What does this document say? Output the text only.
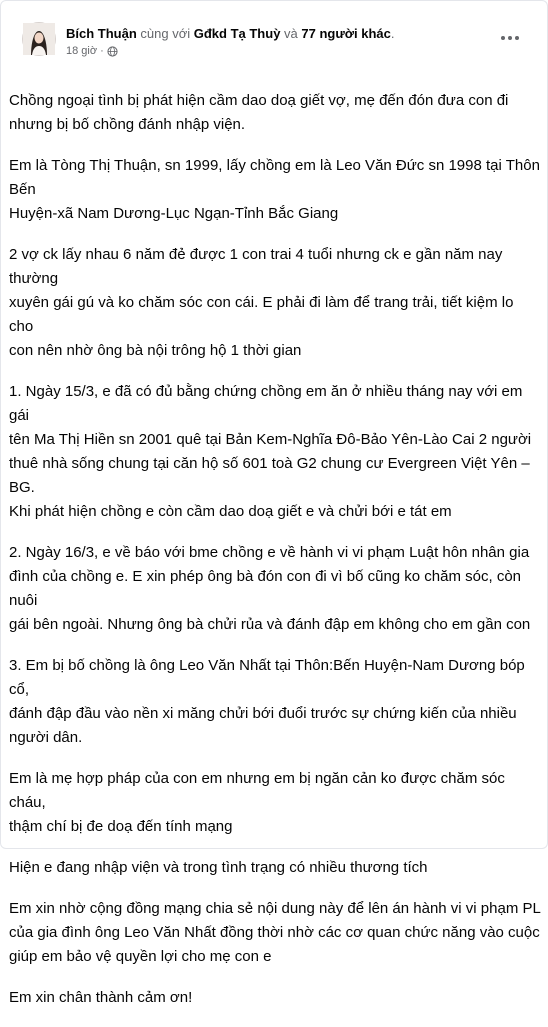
Bích Thuận cùng với Gđkd Tạ Thuỳ và 77 người khác.
18 giờ ·

Chồng ngoại tình bị phát hiện cầm dao doạ giết vợ, mẹ đến đón đưa con đi
nhưng bị bố chồng đánh nhập viện.

Em là Tòng Thị Thuận, sn 1999, lấy chồng em là Leo Văn Đức sn 1998 tại Thôn Bến
Huyện-xã Nam Dương-Lục Ngạn-Tỉnh Bắc Giang

2 vợ ck lấy nhau 6 năm đẻ được 1 con trai 4 tuổi nhưng ck e gần năm nay thường
xuyên gái gú và ko chăm sóc con cái. E phải đi làm để trang trải, tiết kiệm lo cho
con nên nhờ ông bà nội trông hộ 1 thời gian

1. Ngày 15/3, e đã có đủ bằng chứng chồng em ăn ở nhiều tháng nay với em gái
tên Ma Thị Hiền sn 2001 quê tại Bản Kem-Nghĩa Đô-Bảo Yên-Lào Cai 2 người
thuê nhà sống chung tại căn hộ số 601 toà G2 chung cư Evergreen Việt Yên – BG.
Khi phát hiện chồng e còn cầm dao doạ giết e và chửi bới e tát em

2. Ngày 16/3, e về báo với bme chồng e về hành vi vi phạm Luật hôn nhân gia
đình của chồng e. E xin phép ông bà đón con đi vì bố cũng ko chăm sóc, còn nuôi
gái bên ngoài. Nhưng ông bà chửi rủa và đánh đập em không cho em gần con

3. Em bị bố chồng là ông Leo Văn Nhất tại Thôn:Bến Huyện-Nam Dương bóp cổ,
đánh đập đầu vào nền xi măng chửi bới đuổi trước sự chứng kiến của nhiều
người dân.

Em là mẹ hợp pháp của con em nhưng em bị ngăn cản ko được chăm sóc cháu,
thậm chí bị đe doạ đến tính mạng

Hiện e đang nhập viện và trong tình trạng có nhiều thương tích

Em xin nhờ cộng đồng mạng chia sẻ nội dung này để lên án hành vi vi phạm PL
của gia đình ông Leo Văn Nhất đồng thời nhờ các cơ quan chức năng vào cuộc
giúp em bảo vệ quyền lợi cho mẹ con e

Em xin chân thành cảm ơn!
